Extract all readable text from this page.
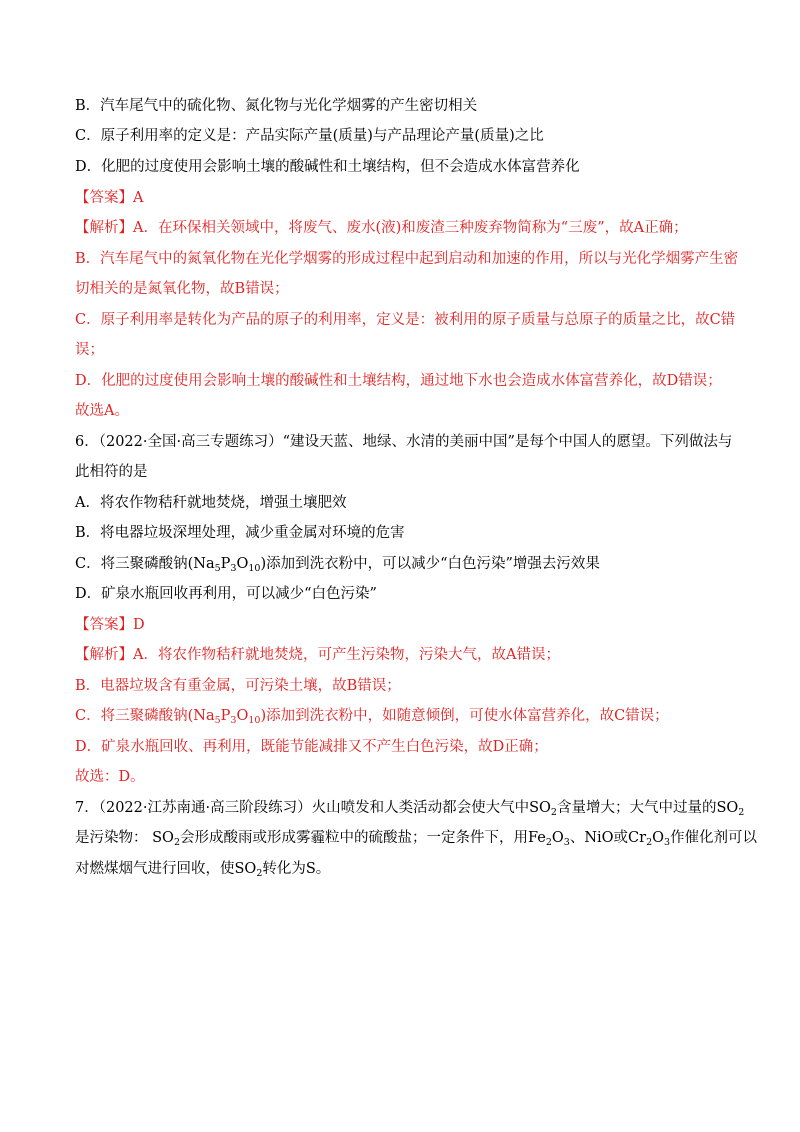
B．汽车尾气中的硫化物、氮化物与光化学烟雾的产生密切相关
C．原子利用率的定义是：产品实际产量(质量)与产品理论产量(质量)之比
D．化肥的过度使用会影响土壤的酸碱性和土壤结构，但不会造成水体富营养化
【答案】A
【解析】A．在环保相关领域中，将废气、废水(液)和废渣三种废弃物简称为“三废”，故A正确；
B．汽车尾气中的氮氧化物在光化学烟雾的形成过程中起到启动和加速的作用，所以与光化学烟雾产生密
切相关的是氮氧化物，故B错误；
C．原子利用率是转化为产品的原子的利用率，定义是：被利用的原子质量与总原子的质量之比，故C错
误；
D．化肥的过度使用会影响土壤的酸碱性和土壤结构，通过地下水也会造成水体富营养化，故D错误；
故选A。
6．（2022·全国·高三专题练习）“建设天蓝、地绿、水清的美丽中国”是每个中国人的愿望。下列做法与
此相符的是
A．将农作物秸秆就地焚烧，增强土壤肥效
B．将电器垃圾深埋处理，减少重金属对环境的危害
C．将三聚磷酸钠$(Na_5P_3O_{10})$添加到洗衣粉中，可以减少“白色污染”增强去污效果
D．矿泉水瓶回收再利用，可以减少“白色污染”
【答案】D
【解析】A．将农作物秸秆就地焚烧，可产生污染物，污染大气，故A错误；
B．电器垃圾含有重金属，可污染土壤，故B错误；
C．将三聚磷酸钠$(Na_5P_3O_{10})$添加到洗衣粉中，如随意倾倒，可使水体富营养化，故C错误；
D．矿泉水瓶回收、再利用，既能节能减排又不产生白色污染，故D正确；
故选：D。
7．（2022·江苏南通·高三阶段练习）火山喷发和人类活动都会使大气中$SO_2$含量增大；大气中过量的$SO_2$
是污染物： $SO_2$会形成酸雨或形成雾霾粒中的硫酸盐；一定条件下，用$Fe_2O_3$、NiO或$Cr_2O_3$作催化剂可以
对燃煤烟气进行回收，使$SO_2$转化为S。
